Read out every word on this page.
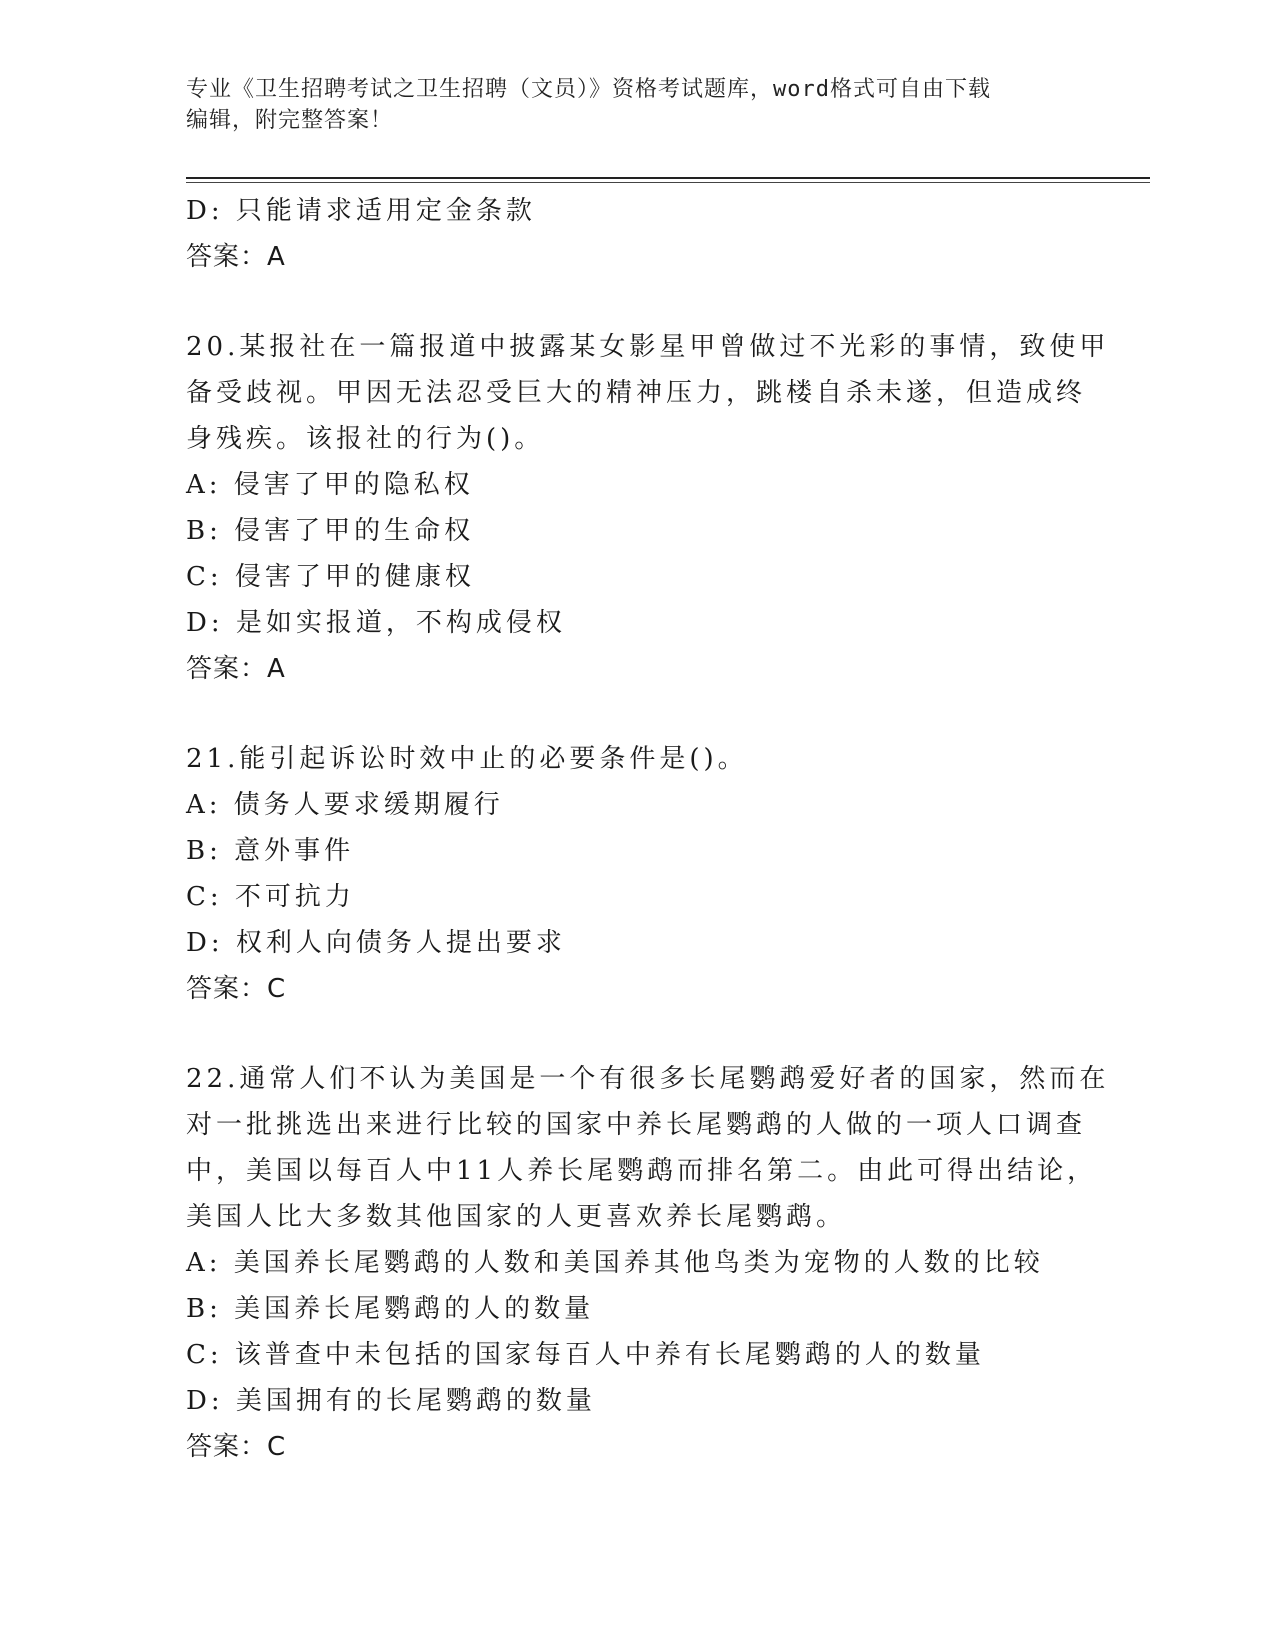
专业《卫生招聘考试之卫生招聘（文员）》资格考试题库，word格式可自由下载
编辑，附完整答案！
D: 只能请求适用定金条款
答案：A
20.某报社在一篇报道中披露某女影星甲曾做过不光彩的事情，致使甲
备受歧视。甲因无法忍受巨大的精神压力，跳楼自杀未遂，但造成终
身残疾。该报社的行为()。
A: 侵害了甲的隐私权
B: 侵害了甲的生命权
C: 侵害了甲的健康权
D: 是如实报道，不构成侵权
答案：A
21.能引起诉讼时效中止的必要条件是()。
A: 债务人要求缓期履行
B: 意外事件
C: 不可抗力
D: 权利人向债务人提出要求
答案：C
22.通常人们不认为美国是一个有很多长尾鹦鹉爱好者的国家，然而在
对一批挑选出来进行比较的国家中养长尾鹦鹉的人做的一项人口调查
中，美国以每百人中11人养长尾鹦鹉而排名第二。由此可得出结论，
美国人比大多数其他国家的人更喜欢养长尾鹦鹉。
A: 美国养长尾鹦鹉的人数和美国养其他鸟类为宠物的人数的比较
B: 美国养长尾鹦鹉的人的数量
C: 该普查中未包括的国家每百人中养有长尾鹦鹉的人的数量
D: 美国拥有的长尾鹦鹉的数量
答案：C
